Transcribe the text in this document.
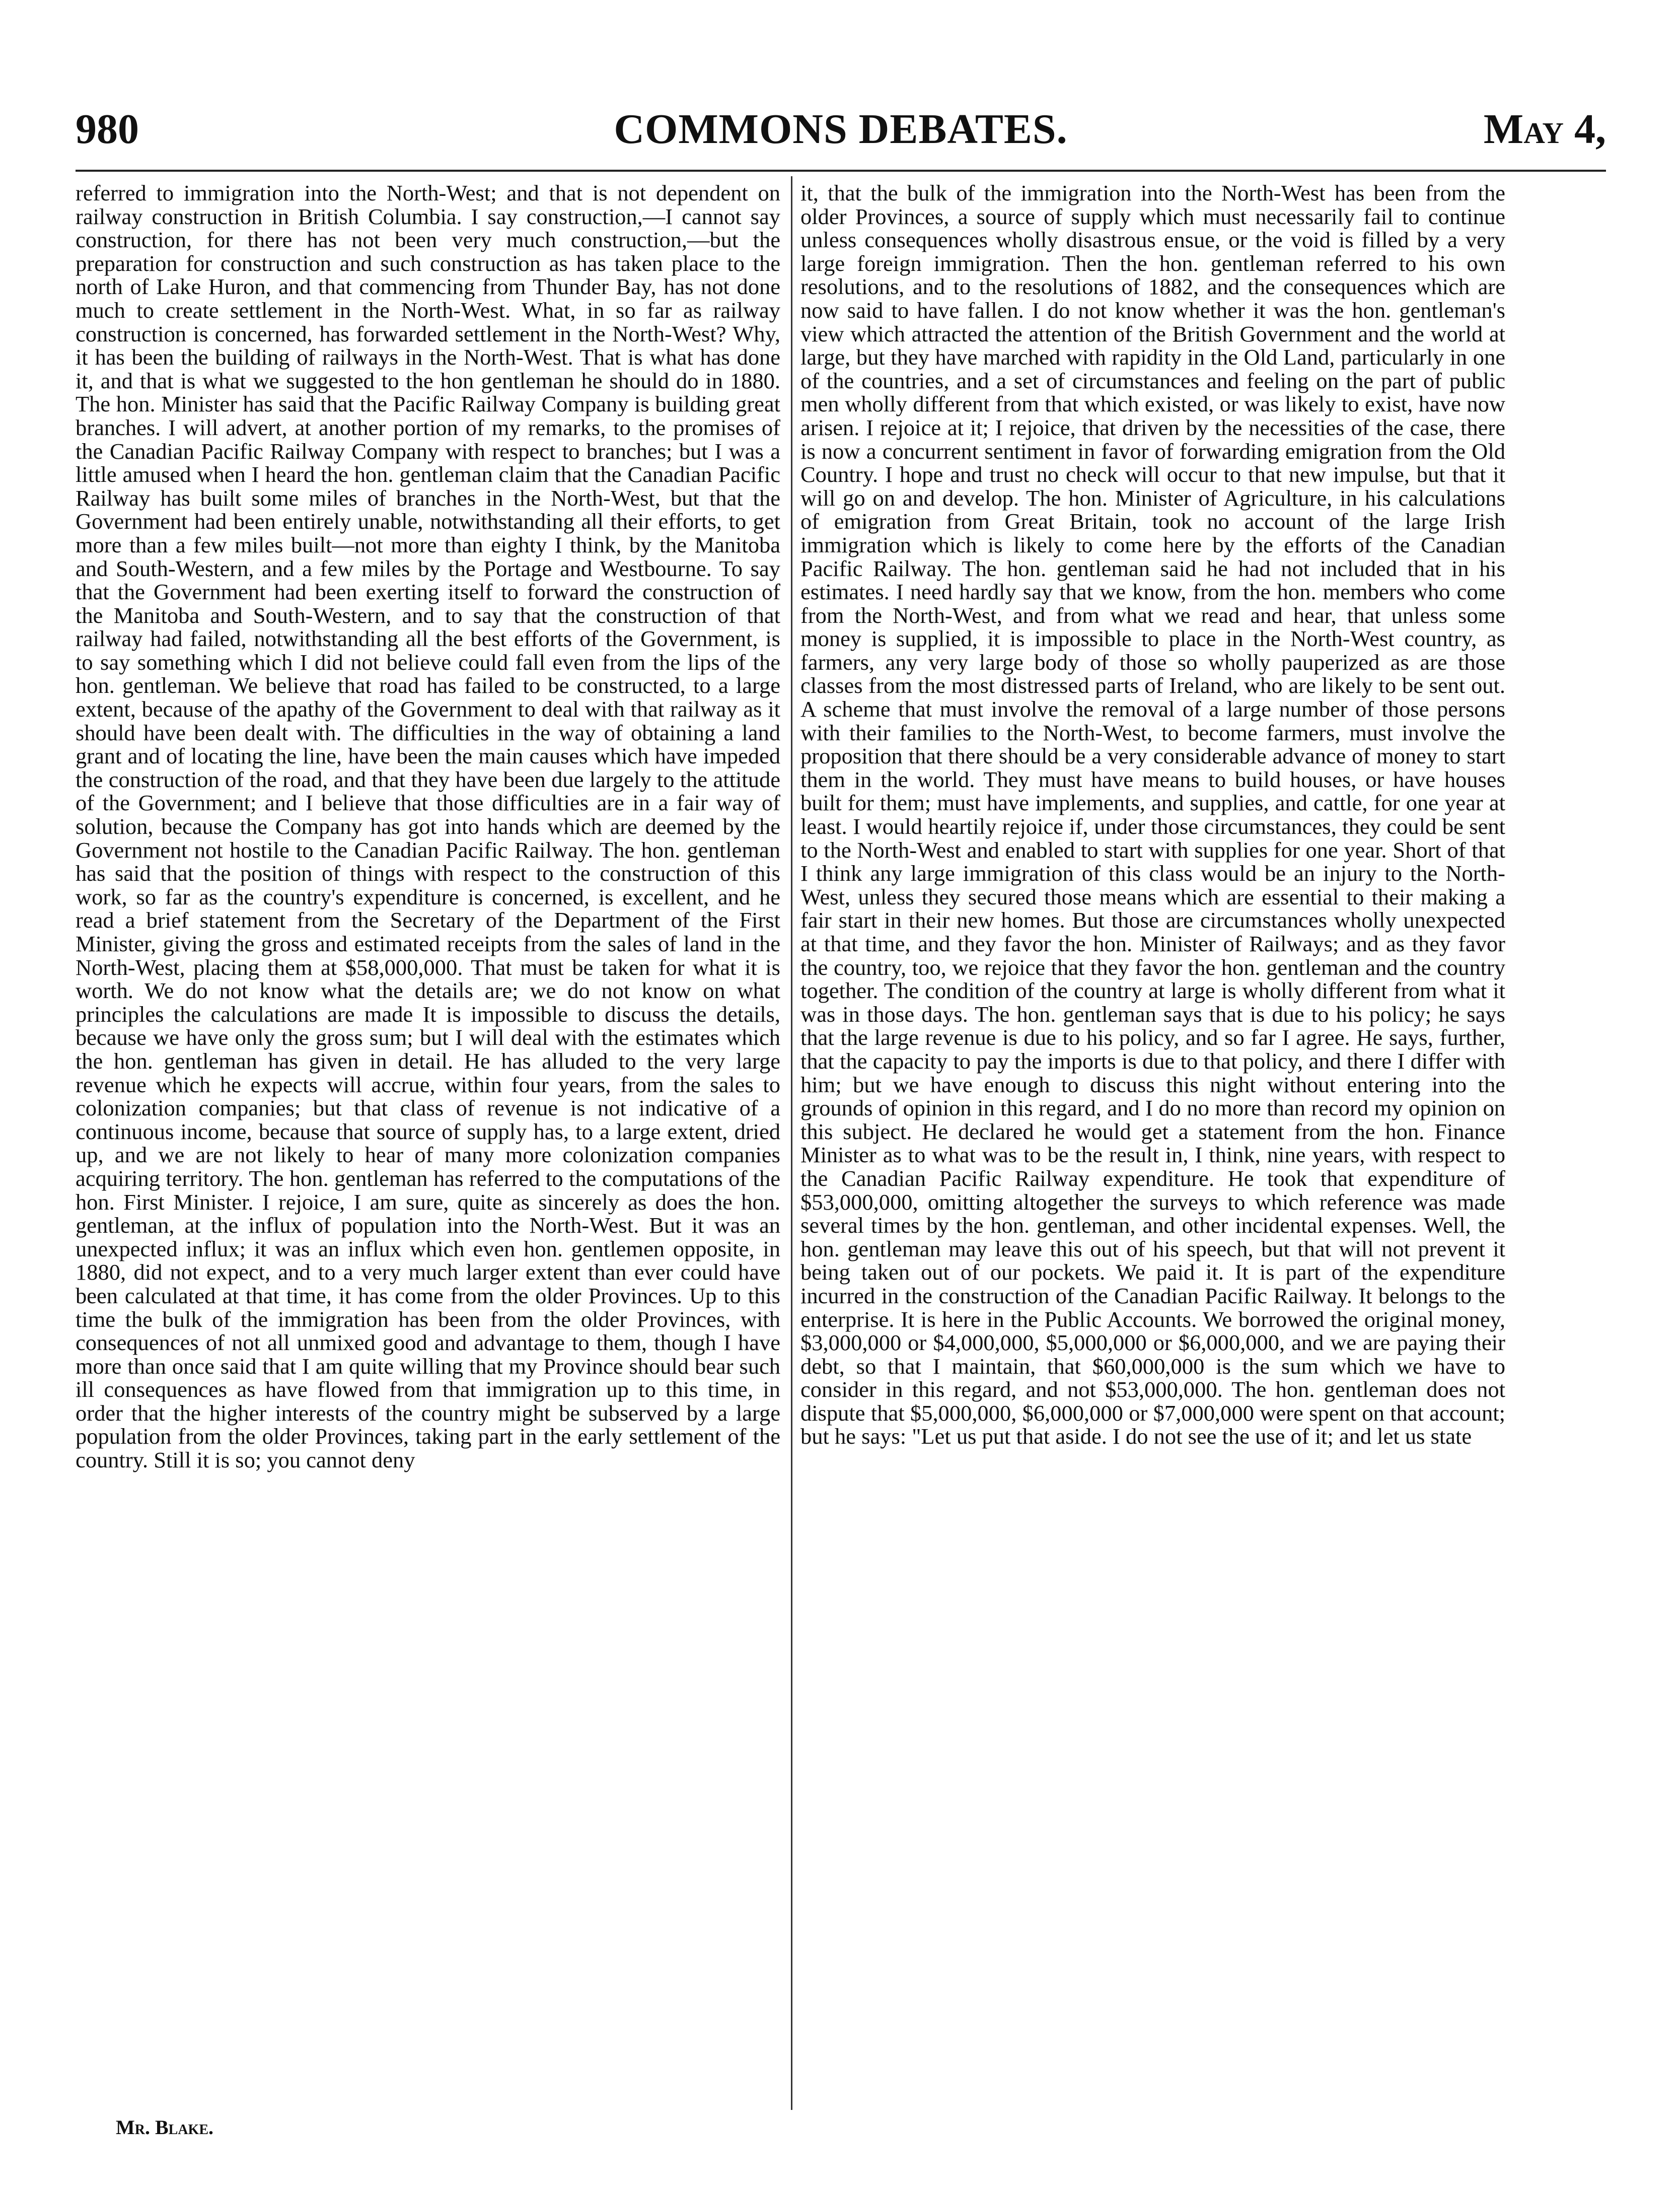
980	COMMONS DEBATES.	May 4,

referred to immigration into the North-West; and that is not dependent on railway construction in British Columbia. I say construction,—I cannot say construction, for there has not been very much construction,—but the preparation for construction and such construction as has taken place to the north of Lake Huron, and that commencing from Thunder Bay, has not done much to create settlement in the North-West. What, in so far as railway construction is concerned, has forwarded settlement in the North-West? Why, it has been the building of railways in the North-West. That is what has done it, and that is what we suggested to the hon gentleman he should do in 1880. The hon. Minister has said that the Pacific Railway Company is building great branches. I will advert, at another portion of my remarks, to the promises of the Canadian Pacific Railway Company with respect to branches; but I was a little amused when I heard the hon. gentleman claim that the Canadian Pacific Railway has built some miles of branches in the North-West, but that the Government had been entirely unable, notwithstanding all their efforts, to get more than a few miles built—not more than eighty I think, by the Manitoba and South-Western, and a few miles by the Portage and Westbourne. To say that the Government had been exerting itself to forward the construction of the Manitoba and South-Western, and to say that the construction of that railway had failed, notwithstanding all the best efforts of the Government, is to say something which I did not believe could fall even from the lips of the hon. gentleman. We believe that road has failed to be constructed, to a large extent, because of the apathy of the Government to deal with that railway as it should have been dealt with. The difficulties in the way of obtaining a land grant and of locating the line, have been the main causes which have impeded the construction of the road, and that they have been due largely to the attitude of the Government; and I believe that those difficulties are in a fair way of solution, because the Company has got into hands which are deemed by the Government not hostile to the Canadian Pacific Railway. The hon. gentleman has said that the position of things with respect to the construction of this work, so far as the country's expenditure is concerned, is excellent, and he read a brief statement from the Secretary of the Department of the First Minister, giving the gross and estimated receipts from the sales of land in the North-West, placing them at $58,000,000. That must be taken for what it is worth. We do not know what the details are; we do not know on what principles the calculations are made It is impossible to discuss the details, because we have only the gross sum; but I will deal with the estimates which the hon. gentleman has given in detail. He has alluded to the very large revenue which he expects will accrue, within four years, from the sales to colonization companies; but that class of revenue is not indicative of a continuous income, because that source of supply has, to a large extent, dried up, and we are not likely to hear of many more colonization companies acquiring territory. The hon. gentleman has referred to the computations of the hon. First Minister. I rejoice, I am sure, quite as sincerely as does the hon. gentleman, at the influx of population into the North-West. But it was an unexpected influx; it was an influx which even hon. gentlemen opposite, in 1880, did not expect, and to a very much larger extent than ever could have been calculated at that time, it has come from the older Provinces. Up to this time the bulk of the immigration has been from the older Provinces, with consequences of not all unmixed good and advantage to them, though I have more than once said that I am quite willing that my Province should bear such ill consequences as have flowed from that immigration up to this time, in order that the higher interests of the country might be subserved by a large population from the older Provinces, taking part in the early settlement of the country. Still it is so; you cannot deny

it, that the bulk of the immigration into the North-West has been from the older Provinces, a source of supply which must necessarily fail to continue unless consequences wholly disastrous ensue, or the void is filled by a very large foreign immigration. Then the hon. gentleman referred to his own resolutions, and to the resolutions of 1882, and the consequences which are now said to have fallen. I do not know whether it was the hon. gentleman's view which attracted the attention of the British Government and the world at large, but they have marched with rapidity in the Old Land, particularly in one of the countries, and a set of circumstances and feeling on the part of public men wholly different from that which existed, or was likely to exist, have now arisen. I rejoice at it; I rejoice, that driven by the necessities of the case, there is now a concurrent sentiment in favor of forwarding emigration from the Old Country. I hope and trust no check will occur to that new impulse, but that it will go on and develop. The hon. Minister of Agriculture, in his calculations of emigration from Great Britain, took no account of the large Irish immigration which is likely to come here by the efforts of the Canadian Pacific Railway. The hon. gentleman said he had not included that in his estimates. I need hardly say that we know, from the hon. members who come from the North-West, and from what we read and hear, that unless some money is supplied, it is impossible to place in the North-West country, as farmers, any very large body of those so wholly pauperized as are those classes from the most distressed parts of Ireland, who are likely to be sent out. A scheme that must involve the removal of a large number of those persons with their families to the North-West, to become farmers, must involve the proposition that there should be a very considerable advance of money to start them in the world. They must have means to build houses, or have houses built for them; must have implements, and supplies, and cattle, for one year at least. I would heartily rejoice if, under those circumstances, they could be sent to the North-West and enabled to start with supplies for one year. Short of that I think any large immigration of this class would be an injury to the North-West, unless they secured those means which are essential to their making a fair start in their new homes. But those are circumstances wholly unexpected at that time, and they favor the hon. Minister of Railways; and as they favor the country, too, we rejoice that they favor the hon. gentleman and the country together. The condition of the country at large is wholly different from what it was in those days. The hon. gentleman says that is due to his policy; he says that the large revenue is due to his policy, and so far I agree. He says, further, that the capacity to pay the imports is due to that policy, and there I differ with him; but we have enough to discuss this night without entering into the grounds of opinion in this regard, and I do no more than record my opinion on this subject. He declared he would get a statement from the hon. Finance Minister as to what was to be the result in, I think, nine years, with respect to the Canadian Pacific Railway expenditure. He took that expenditure of $53,000,000, omitting altogether the surveys to which reference was made several times by the hon. gentleman, and other incidental expenses. Well, the hon. gentleman may leave this out of his speech, but that will not prevent it being taken out of our pockets. We paid it. It is part of the expenditure incurred in the construction of the Canadian Pacific Railway. It belongs to the enterprise. It is here in the Public Accounts. We borrowed the original money, $3,000,000 or $4,000,000, $5,000,000 or $6,000,000, and we are paying their debt, so that I maintain, that $60,000,000 is the sum which we have to consider in this regard, and not $53,000,000. The hon. gentleman does not dispute that $5,000,000, $6,000,000 or $7,000,000 were spent on that account; but he says: "Let us put that aside. I do not see the use of it; and let us state

Mr. Blake.
